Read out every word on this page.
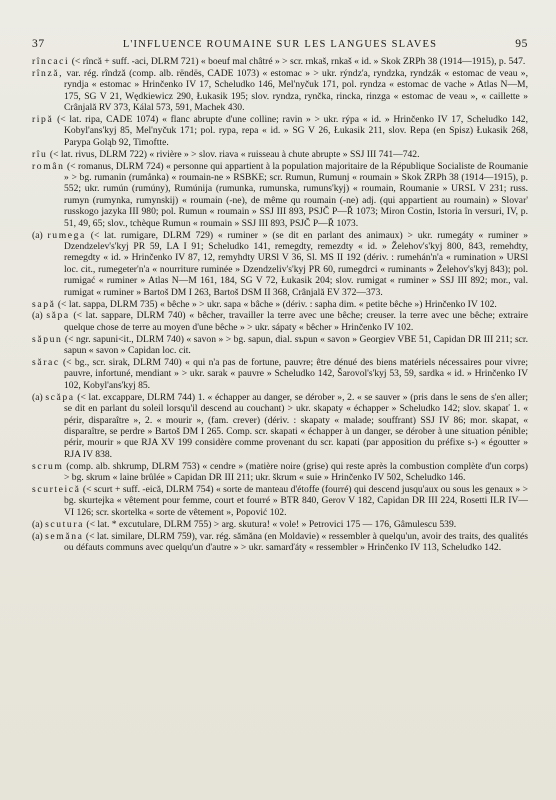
37	L'INFLUENCE ROUMAINE SUR LES LANGUES SLAVES	95

rîncaci (< rîncă + suff. -aci, DLRM 721) « boeuf mal châtré » > scr. rnkaš, rnkaš « id. » Skok ZRPh 38 (1914—1915), p. 547.

rînză, var. rég. rîndză (comp. alb. rëndës, CADE 1073) « estomac » > ukr. rýndz'a, ryndzka, ryndzák « estomac de veau », ryndja « estomac » Hrinčenko IV 17, Scheludko 146, Mel'nyčuk 171, pol. ryndza « estomac de vache » Atlas N—M, 175, SG V 21, Wędkiewicz 290, Łukasik 195; slov. ryndza, rynčka, rincka, rinzga « estomac de veau », « caillette » Crânjală RV 373, Kálal 573, 591, Machek 430.

ripă (< lat. ripa, CADE 1074) « flanc abrupte d'une colline; ravin » > ukr. rýpa « id. » Hrinčenko IV 17, Scheludko 142, Kobyl'ans'kyj 85, Mel'nyčuk 171; pol. rypa, repa « id. » SG V 26, Łukasik 211, slov. Repa (en Spisz) Łukasik 268, Parypa Goląb 92, Timoftte.

rîu (< lat. rivus, DLRM 722) « rivière » > slov. riava « ruisseau à chute abrupte » SSJ III 741—742.

român (< romanus, DLRM 724) « personne qui appartient à la population majoritaire de la République Socialiste de Roumanie » > bg. rumanin (rumånka) « roumain-ne » RSBKE; scr. Rumun, Rumunj « roumain » Skok ZRPh 38 (1914—1915), p. 552; ukr. rumún (rumúny), Rumúnija (rumunka, rumunska, rumuns'kyj) « roumain, Roumanie » URSL V 231; russ. rumyn (rumynka, rumynskij) « roumain (-ne), de même qu roumain (-ne) adj. (qui appartient au roumain) » Slovar' russkogo jazyka III 980; pol. Rumun « roumain » SSJ III 893, PSJČ P—Ř 1073; Miron Costin, Istoria în versuri, IV, p. 51, 49, 65; slov., tchèque Rumun « roumain » SSJ III 893, PSJČ P—Ř 1073.

(a) rumega (< lat. rumigare, DLRM 729) « ruminer » (se dit en parlant des animaux) > ukr. rumegáty « ruminer » Dzendzelev's'kyj PR 59, LA I 91; Scheludko 141, remegdty, remezdty « id. » Želehov's'kyj 800, 843, remehdty, remegdty « id. » Hrinčenko IV 87, 12, remyhdty URSl V 36, Sl. MS II 192 (dériv. : rumehán'n'a « rumination » URSl loc. cit., rumegeter'n'a « nourriture ruminée » Dzendzeliv's'kyj PR 60, rumegdrci « ruminants » Želehov's'kyj 843); pol. rumigać « ruminer » Atlas N—M 161, 184, SG V 72, Łukasik 204; slov. rumigat « ruminer » SSJ III 892; mor., val. rumigat « ruminer » Bartoš DM I 263, Bartoš DSM II 368, Crânjală EV 372—373.

sapă (< lat. sappa, DLRM 735) « bêche » > ukr. sapa « bâche » (dériv. : sapha dim. « petite bêche ») Hrinčenko IV 102.

(a) săpa (< lat. sappare, DLRM 740) « bêcher, travailler la terre avec une bêche; creuser. la terre avec une bêche; extraire quelque chose de terre au moyen d'une bêche » > ukr. sápaty « bêcher » Hrinčenko IV 102.

săpun (< ngr. sapuni<it., DLRM 740) « savon » > bg. sapun, dial. sъpun « savon » Georgiev VBE 51, Capidan DR III 211; scr. sapun « savon » Capidan loc. cit.

sărac (< bg., scr. sirak, DLRM 740) « qui n'a pas de fortune, pauvre; être dénué des biens matériels nécessaires pour vivre; pauvre, infortuné, mendiant » > ukr. sarak « pauvre » Scheludko 142, Šarovol's'kyj 53, 59, sardka « id. » Hrinčenko IV 102, Kobyl'ans'kyj 85.

(a) scăpa (< lat. excappare, DLRM 744) 1. « échapper au danger, se dérober », 2. « se sauver » (pris dans le sens de s'en aller; se dit en parlant du soleil lorsqu'il descend au couchant) > ukr. skapaty « échapper » Scheludko 142; slov. skapať 1. « périr, disparaître », 2. « mourir », (fam. crever) (dériv. : skapaty « malade; souffrant) SSJ IV 86; mor. skapat, « disparaître, se perdre » Bartoš DM I 265. Comp. scr. skapati « échapper à un danger, se dérober à une situation pénible; périr, mourir » que RJA XV 199 considère comme provenant du scr. kapati (par apposition du préfixe s-) « égoutter » RJA IV 838.

scrum (comp. alb. shkrump, DLRM 753) « cendre » (matière noire (grise) qui reste après la combustion complète d'un corps) > bg. skrum « laine brûlée » Capidan DR III 211; ukr. škrum « suie » Hrinčenko IV 502, Scheludko 146.

scurteică (< scurt + suff. -eică, DLRM 754) « sorte de manteau d'étoffe (fourré) qui descend jusqu'aux ou sous les genaux » > bg. skurtejka « vêtement pour femme, court et fourré » BTR 840, Gerov V 182, Capidan DR III 224, Rosetti ILR IV—VI 126; scr. skortelka « sorte de vêtement », Popović 102.

(a) scutura (< lat. * excutulare, DLRM 755) > arg. skutura! « vole! » Petrovici 175 — 176, Gâmulescu 539.

(a) semăna (< lat. similare, DLRM 759), var. rég. sămăna (en Moldavie) « ressembler à quelqu'un, avoir des traits, des qualités ou défauts communs avec quelqu'un d'autre » > ukr. samarďáty « ressembler » Hrinčenko IV 113, Scheludko 142.
